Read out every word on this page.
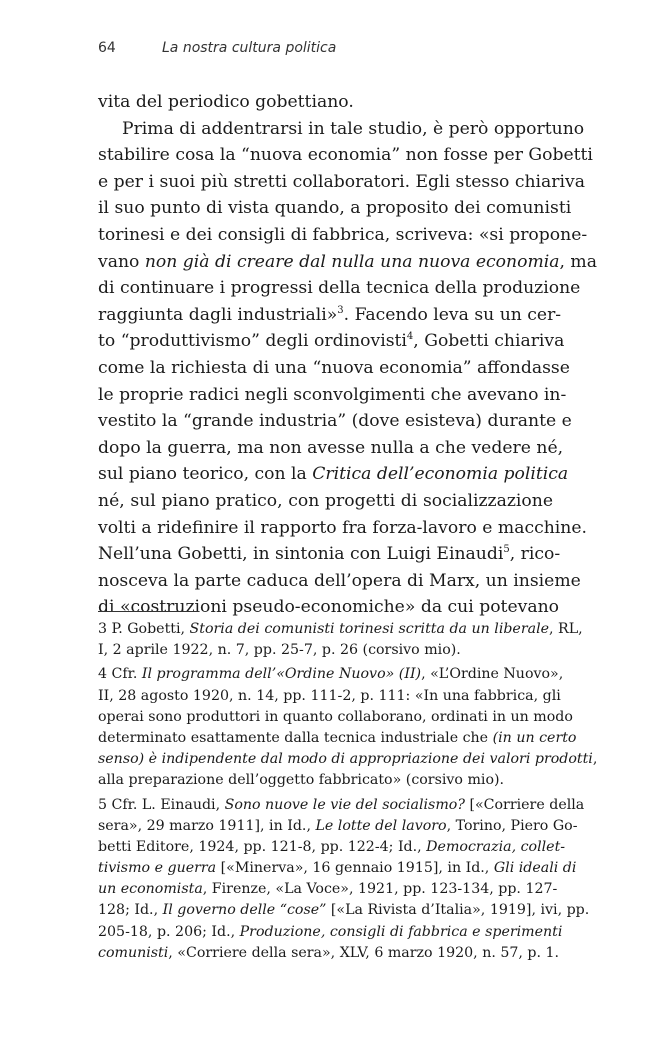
64	La nostra cultura politica
vita del periodico gobettiano.
Prima di addentrarsi in tale studio, è però opportuno
stabilire cosa la “nuova economia” non fosse per Gobetti
e per i suoi più stretti collaboratori. Egli stesso chiariva
il suo punto di vista quando, a proposito dei comunisti
torinesi e dei consigli di fabbrica, scriveva: «si propone-
vano non già di creare dal nulla una nuova economia, ma
di continuare i progressi della tecnica della produzione
raggiunta dagli industriali»$^3$. Facendo leva su un cer-
to “produttivismo” degli ordinovisti$^4$, Gobetti chiariva
come la richiesta di una “nuova economia” affondasse
le proprie radici negli sconvolgimenti che avevano in-
vestito la “grande industria” (dove esisteva) durante e
dopo la guerra, ma non avesse nulla a che vedere né,
sul piano teorico, con la Critica dell’economia politica
né, sul piano pratico, con progetti di socializzazione
volti a ridefinire il rapporto fra forza-lavoro e macchine.
Nell’una Gobetti, in sintonia con Luigi Einaudi$^5$, rico-
nosceva la parte caduca dell’opera di Marx, un insieme
di «costruzioni pseudo-economiche» da cui potevano
3 P. Gobetti, Storia dei comunisti torinesi scritta da un liberale, RL,
I, 2 aprile 1922, n. 7, pp. 25-7, p. 26 (corsivo mio).
4 Cfr. Il programma dell’«Ordine Nuovo» (II), «L’Ordine Nuovo»,
II, 28 agosto 1920, n. 14, pp. 111-2, p. 111: «In una fabbrica, gli
operai sono produttori in quanto collaborano, ordinati in un modo
determinato esattamente dalla tecnica industriale che (in un certo
senso) è indipendente dal modo di appropriazione dei valori prodotti,
alla preparazione dell’oggetto fabbricato» (corsivo mio).
5 Cfr. L. Einaudi, Sono nuove le vie del socialismo? [«Corriere della
sera», 29 marzo 1911], in Id., Le lotte del lavoro, Torino, Piero Go-
betti Editore, 1924, pp. 121-8, pp. 122-4; Id., Democrazia, collet-
tivismo e guerra [«Minerva», 16 gennaio 1915], in Id., Gli ideali di
un economista, Firenze, «La Voce», 1921, pp. 123-134, pp. 127-
128; Id., Il governo delle “cose” [«La Rivista d’Italia», 1919], ivi, pp.
205-18, p. 206; Id., Produzione, consigli di fabbrica e sperimenti
comunisti, «Corriere della sera», XLV, 6 marzo 1920, n. 57, p. 1.
